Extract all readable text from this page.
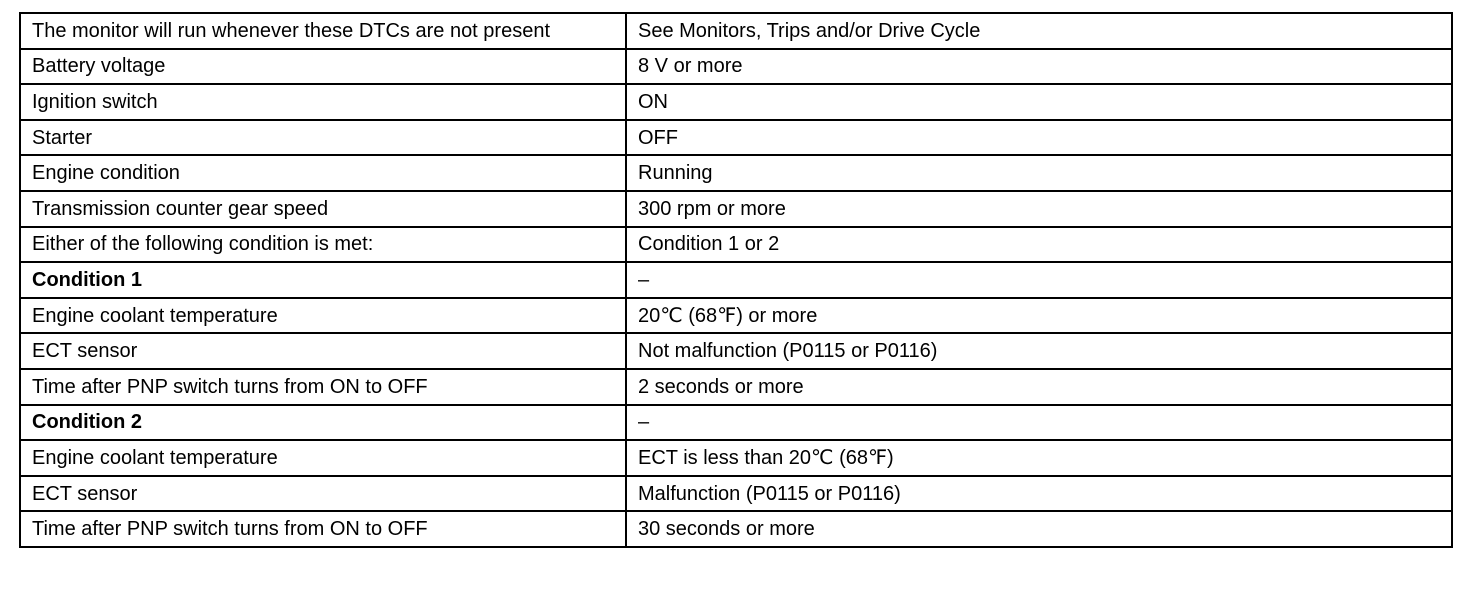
The monitor will run whenever these DTCs are not present	See Monitors, Trips and/or Drive Cycle
Battery voltage	8 V or more
Ignition switch	ON
Starter	OFF
Engine condition	Running
Transmission counter gear speed	300 rpm or more
Either of the following condition is met:	Condition 1 or 2
Condition 1	–
Engine coolant temperature	20℃ (68℉) or more
ECT sensor	Not malfunction (P0115 or P0116)
Time after PNP switch turns from ON to OFF	2 seconds or more
Condition 2	–
Engine coolant temperature	ECT is less than 20℃ (68℉)
ECT sensor	Malfunction (P0115 or P0116)
Time after PNP switch turns from ON to OFF	30 seconds or more
